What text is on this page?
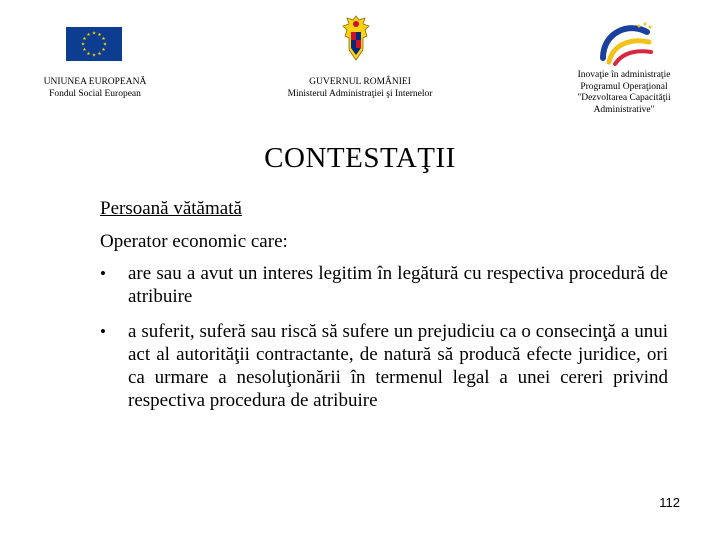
UNIUNEA EUROPEANĂ
Fondul Social European
GUVERNUL ROMÂNIEI
Ministerul Administraţiei şi Internelor
Inovaţie în administraţie
Programul Operaţional
"Dezvoltarea Capacităţii
Administrative"
CONTESTAŢII
Persoană vătămată
Operator economic care:
•	are sau a avut un interes legitim în legătură cu respectiva procedură de atribuire
•	a suferit, suferă sau riscă să sufere un prejudiciu ca o consecinţă a unui act al autorităţii contractante, de natură să producă efecte juridice, ori ca urmare a nesoluţionării în termenul legal a unei cereri privind respectiva procedura de atribuire
112
